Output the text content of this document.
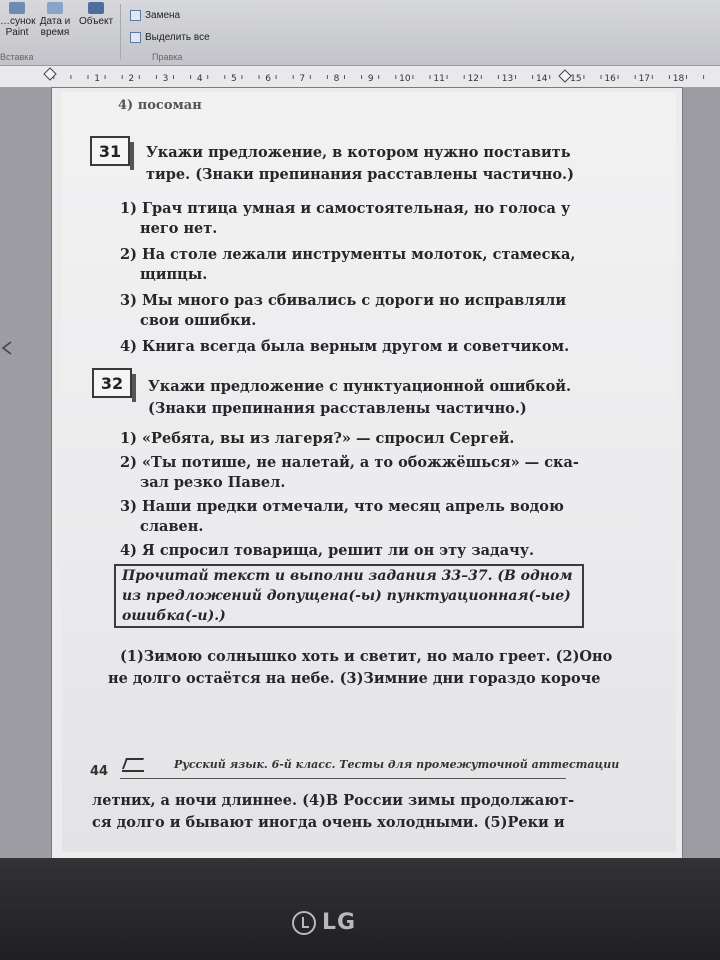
…сунок
Paint
Дата и
время
Объект
Замена
Выделить все
Вставка	Правка
1	2	3	4	5	6	7	8	9	10	11	12	13	14	15	16	17	18
4) посоман
31 Укажи предложение, в котором нужно поставить
тире. (Знаки препинания расставлены частично.)
1) Грач птица умная и самостоятельная, но голоса у
него нет.
2) На столе лежали инструменты молоток, стамеска,
щипцы.
3) Мы много раз сбивались с дороги но исправляли
свои ошибки.
4) Книга всегда была верным другом и советчиком.
32 Укажи предложение с пунктуационной ошибкой.
(Знаки препинания расставлены частично.)
1) «Ребята, вы из лагеря?» — спросил Сергей.
2) «Ты потише, не налетай, а то обожжёшься» — ска-
зал резко Павел.
3) Наши предки отмечали, что месяц апрель водою
славен.
4) Я спросил товарища, решит ли он эту задачу.
Прочитай текст и выполни задания 33–37. (В одном
из предложений допущена(-ы) пунктуационная(-ые)
ошибка(-и).)
(1)Зимою солнышко хоть и светит, но мало греет. (2)Оно
не долго остаётся на небе. (3)Зимние дни гораздо короче
44	Русский язык. 6-й класс. Тесты для промежуточной аттестации
летних, а ночи длиннее. (4)В России зимы продолжают-
ся долго и бывают иногда очень холодными. (5)Реки и
LG
